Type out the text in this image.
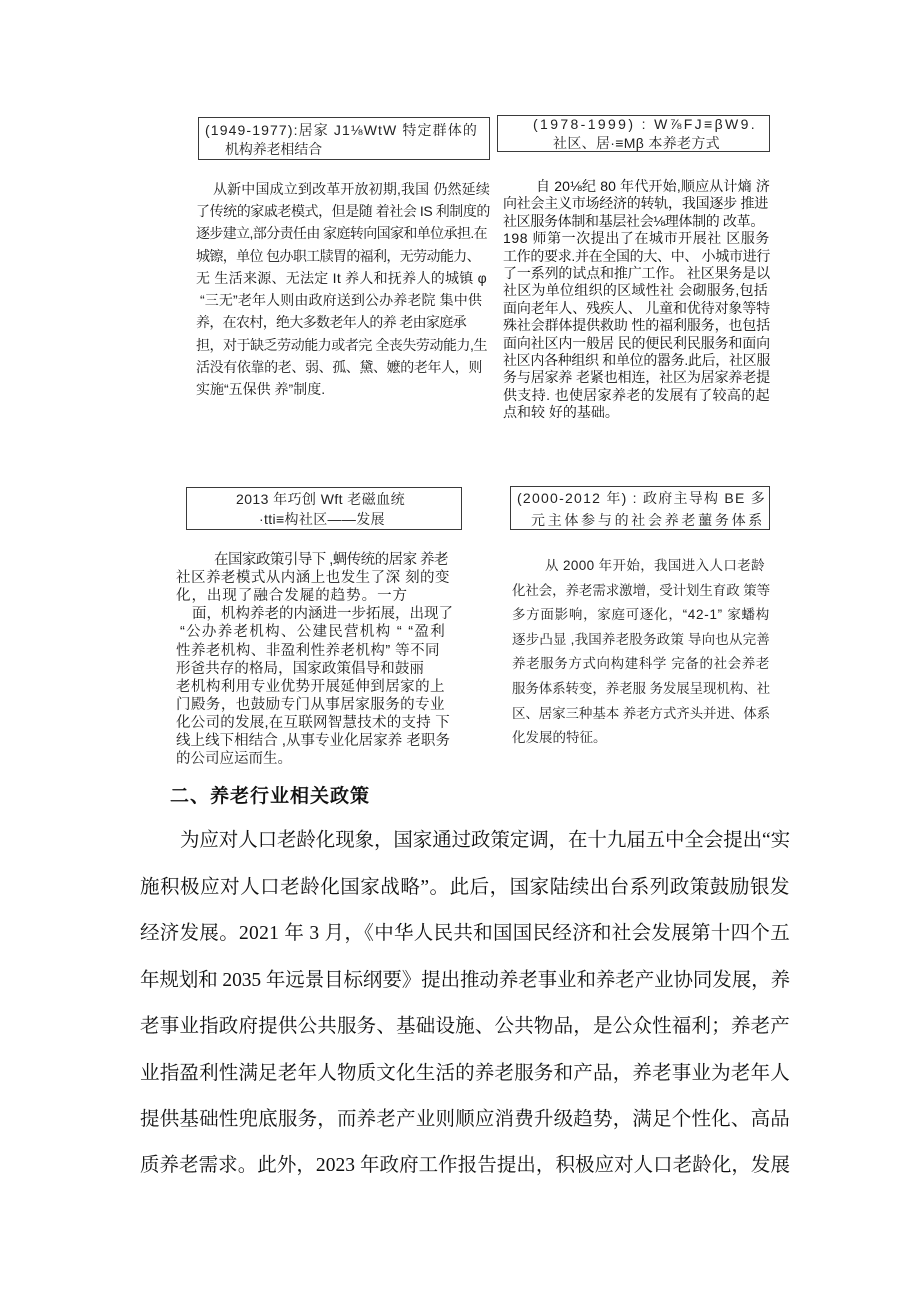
(1949-1977):居家 J1⅛WtW 特定群体的
机构养老相结合
从新中国成立到改革开放初期,我国 仍然延续
了传统的家戚老模式，但是随 着社会 IS 利制度的
逐步建立,部分责任由 家庭转向国家和单位承担.在
城镲，单位 包办职工牍胃的福利，无劳动能力、
无 生活来源、无法定 It 养人和抚养人的城镇 φ
“三无”老年人则由政府送到公办养老院 集中供
养，在农村，绝大多数老年人的养 老由家庭承
担，对于缺乏劳动能力或者完 全丧失劳动能力,生
活没有依靠的老、弱、孤、黛、嬷的老年人，则
实施“五保供 养”制度.
(1978-1999) : W⅞FJ≡βW9.
社区、居·≡Mβ 本养老方式
自 20⅛纪 80 年代开始,顺应从计熵 济
向社会主义市场经济的转轨，我国逐步 推进
社区服务体制和基层社会⅛理体制的 改革。
198 师第一次提出了在城市开展社 区服务
工作的要求.并在全国的大、中、 小城市进行
了一系列的试点和推广工作。 社区果务是以
社区为单位组织的区域性社 会砌服务,包括
面向老年人、残疾人、 儿童和优待对象等特
殊社会群体提供救助 性的福利服务，也包括
面向社区内一般居 民的便民利民服务和面向
社区内各种组织 和单位的嚣务.此后，社区服
务与居家养 老紧也相连，社区为居家养老提
供支持. 也使居家养老的发展有了较高的起
点和较 好的基础。
2013 年巧创 Wft 老磁血统
·tti≡构社区——发展
在国家政策引导下 ,蜩传统的居家 养老
社区养老模式从内涵上也发生了深 刻的变
化，出现了融合发屣的趋势。一方
面，机构养老的内涵进一步拓展，出现了
“公办养老机构、公建民营机构 “ “盈利
性养老机构、非盈利性养老机构” 等不同
形爸共存的格局，国家政策倡导和鼓丽
老机构利用专业优势开展延伸到居家的上
门殿务，也鼓励专门从事居家服务的专业
化公司的发展,在互联网智慧技术的支持 下
线上线下相结合 ,从事专业化居家养 老职务
的公司应运而生。
(2000-2012 年) : 政府主导构 BE 多
元主体参与的社会养老蘁务体系
从 2000 年开始，我国进入人口老龄
化社会，养老需求激增，受计划生育政 策等
多方面影响，家庭可逐化，“42-1” 家蟠构
逐步凸显 ,我国养老股务政策 导向也从完善
养老服务方式向构建科学 完备的社会养老
服务体系转变，养老服 务发展呈现机构、社
区、居家三种基本 养老方式齐头并进、体系
化发展的特征。
二、养老行业相关政策
为应对人口老龄化现象，国家通过政策定调，在十九届五中全会提出“实
施积极应对人口老龄化国家战略”。此后，国家陆续出台系列政策鼓励银发
经济发展。2021 年 3 月，《中华人民共和国国民经济和社会发展第十四个五
年规划和 2035 年远景目标纲要》提出推动养老事业和养老产业协同发展，养
老事业指政府提供公共服务、基础设施、公共物品，是公众性福利；养老产
业指盈利性满足老年人物质文化生活的养老服务和产品，养老事业为老年人
提供基础性兜底服务，而养老产业则顺应消费升级趋势，满足个性化、高品
质养老需求。此外，2023 年政府工作报告提出，积极应对人口老龄化，发展
